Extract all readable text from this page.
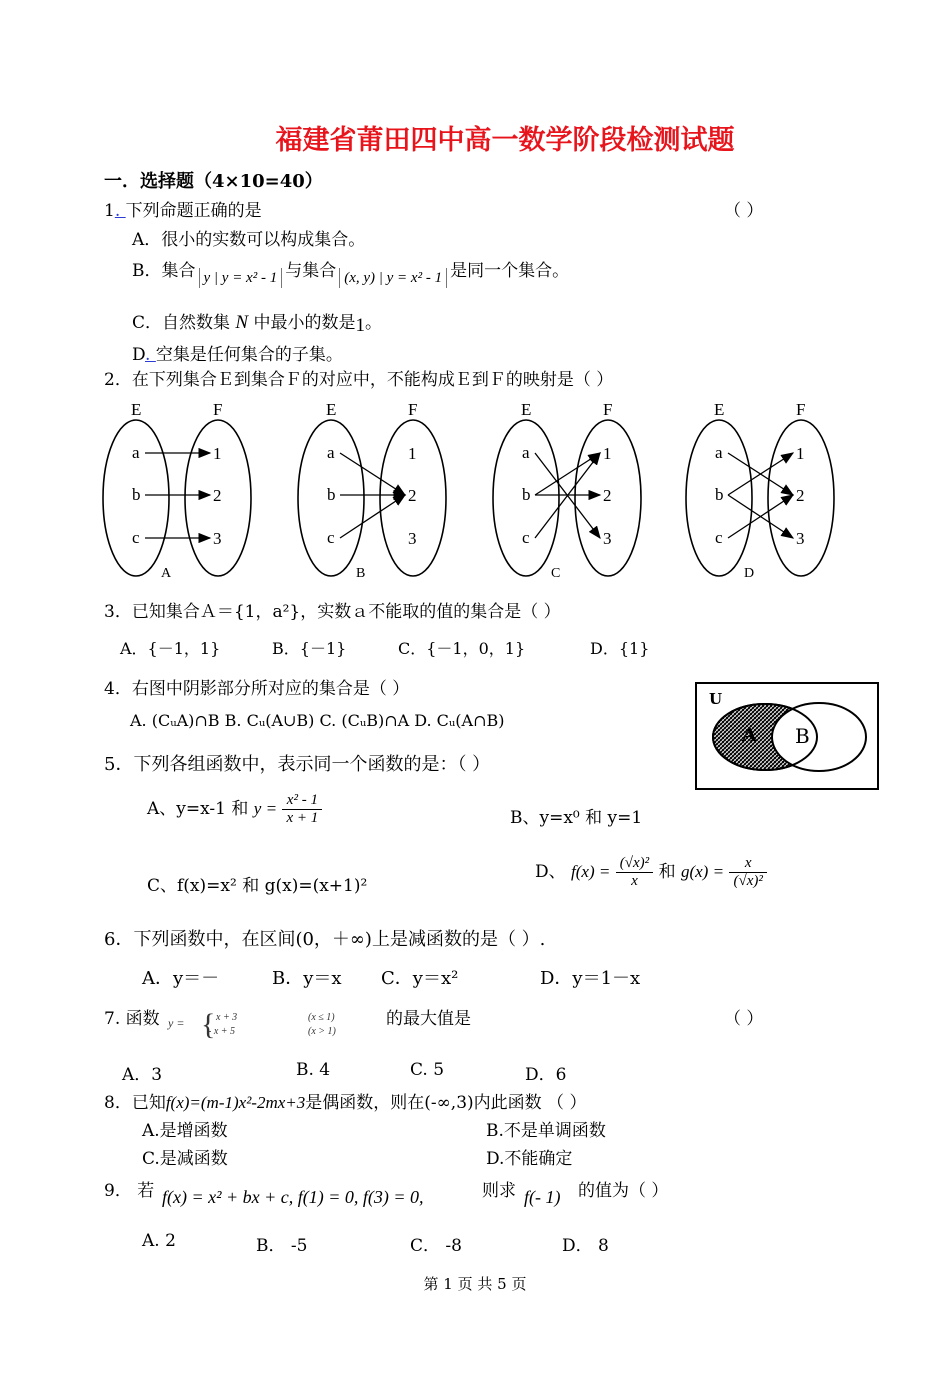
福建省莆田四中高一数学阶段检测试题
一．选择题（4×10=40）
1. 下列命题正确的是	（ ）
A．很小的实数可以构成集合。
B．集合 y | y = x² - 1 与集合 (x, y) | y = x² - 1 是同一个集合。
C．自然数集 N 中最小的数是1。
D. 空集是任何集合的子集。
2．在下列集合Ｅ到集合Ｆ的对应中，不能构成Ｅ到Ｆ的映射是（ ）
E	F
a
b
c
1
2
3
A
E	F
a
b
c
1
2
3
B
E	F
a
b
c
1
2
3
C
E	F
a
b
c
1
2
3
D
3．已知集合Ａ＝{1，a²}，实数ａ不能取的值的集合是（ ）
A．{－1，1}	B．{－1}	C．{－1，0，1}	D．{1}
4．右图中阴影部分所对应的集合是（ ）
A. (CᵤA)∩B B. Cᵤ(A∪B) C. (CᵤB)∩A D. Cᵤ(A∩B)
U
A B
5．下列各组函数中，表示同一个函数的是：（ ）
A、y=x-1 和 $y = \frac{\text{x² - 1}}{x + 1}$	B、y=x⁰ 和 y=1
C、f(x)=x² 和 g(x)=(x+1)²
D、 $f(x) = \frac{\text{(√x)²}}{x}$ 和 $g(x) = \frac{x}{\text{(√x)²}}$
6．下列函数中，在区间(0，＋∞)上是减函数的是（ ）.
A．y＝－	B．y＝x C．y＝x²	D．y＝1－x
7. 函数 y = { x + 3	(x ≤ 1)
- x + 5	(x > 1)
的最大值是	（ ）
A．3	B. 4	C. 5	D．6
8．已知f(x)=(m-1)x²-2mx+3是偶函数，则在(-∞,3)内此函数 （ ）
A.是增函数	B.不是单调函数
C.是减函数	D.不能确定
9． 若 f(x) = x² + bx + c, f(1) = 0, f(3) = 0,	则求 f(- 1) 的值为（ ）
A. 2	B． -5	C． -8	D． 8
第 1 页 共 5 页
